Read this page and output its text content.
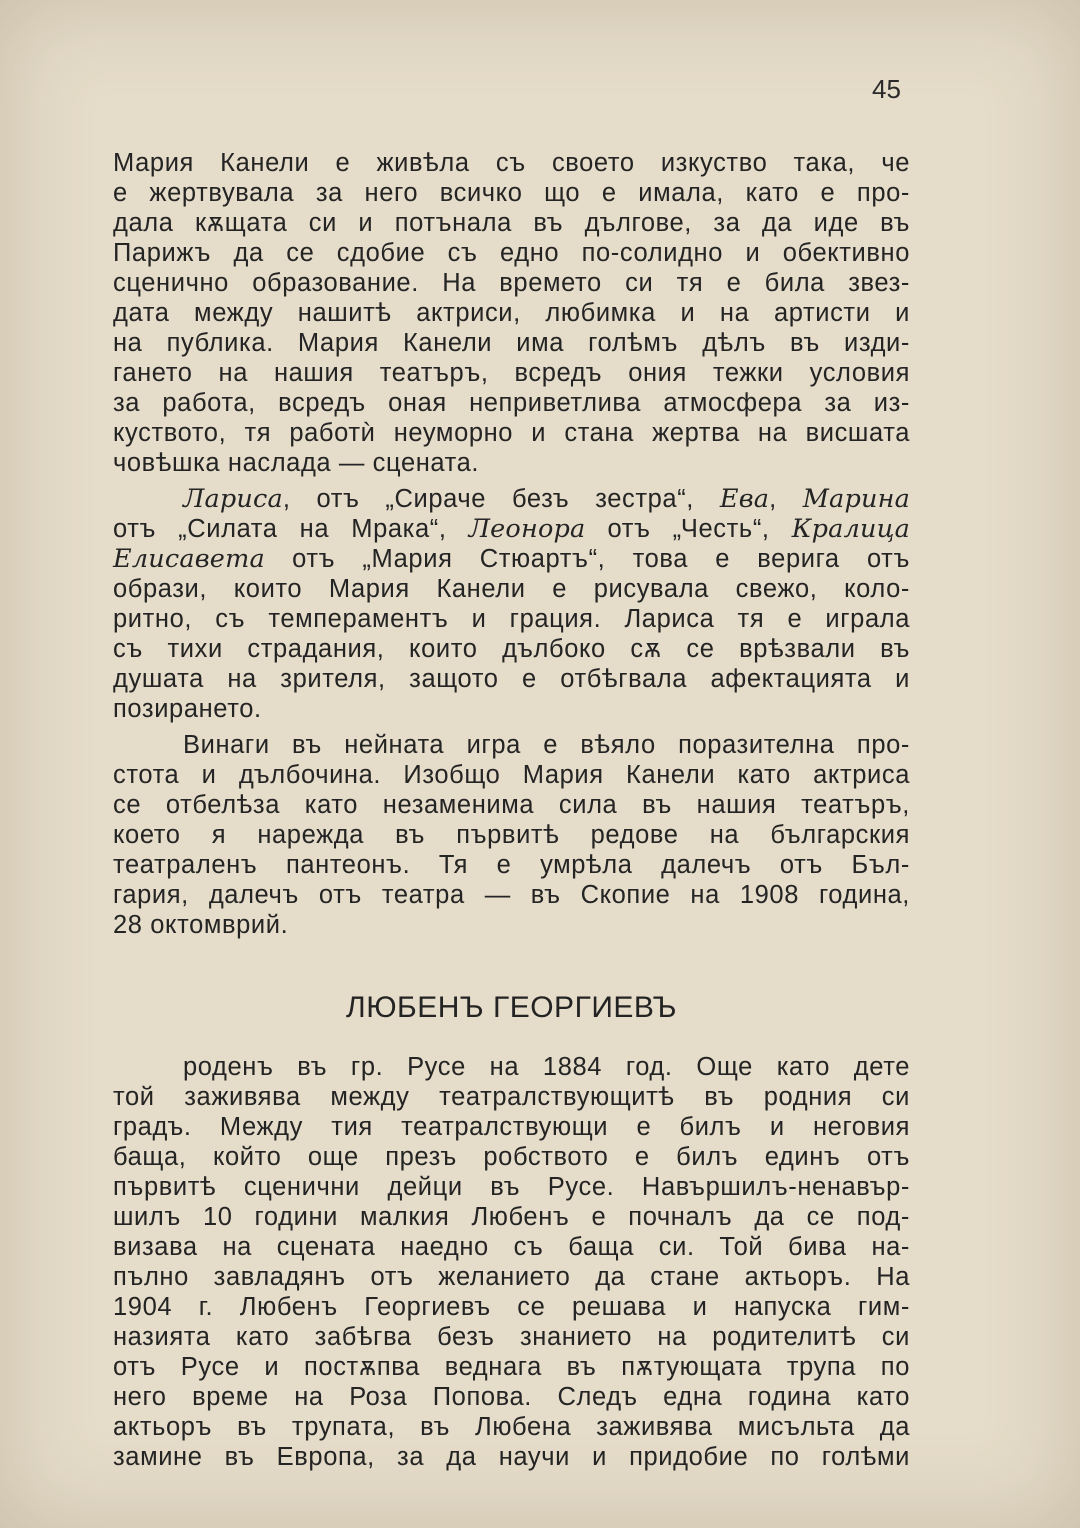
45

Мария Канели е живѣла съ своето изкуство така, че
е жертвувала за него всичко що е имала, като е про-
дала кѫщата си и потънала въ дългове, за да иде въ
Парижъ да се сдобие съ едно по-солидно и обективно
сценично образование. На времето си тя е била звез-
дата между нашитѣ актриси, любимка и на артисти и
на публика. Мария Канели има голѣмъ дѣлъ въ изди-
гането на нашия театъръ, всредъ ония тежки условия
за работа, всредъ оная неприветлива атмосфера за из-
куството, тя работѝ неуморно и стана жертва на висшата
човѣшка наслада — сцената.

Лариса, отъ „Сираче безъ зестра“, Ева, Марина
отъ „Силата на Мрака“, Леонора отъ „Честь“, Кралица
Елисавета отъ „Мария Стюартъ“, това е верига отъ
образи, които Мария Канели е рисувала свежо, коло-
ритно, съ темпераментъ и грация. Лариса тя е играла
съ тихи страдания, които дълбоко сѫ се врѣзвали въ
душата на зрителя, защото е отбѣгвала афектацията и
позирането.

Винаги въ нейната игра е вѣяло поразителна про-
стота и дълбочина. Изобщо Мария Канели като актриса
се отбелѣза като незаменима сила въ нашия театъръ,
което я нарежда въ първитѣ редове на българския
театраленъ пантеонъ. Тя е умрѣла далечъ отъ Бъл-
гария, далечъ отъ театра — въ Скопие на 1908 година,
28 октомврий.

ЛЮБЕНЪ ГЕОРГИЕВЪ

роденъ въ гр. Русе на 1884 год. Още като дете
той заживява между театралствующитѣ въ родния си
градъ. Между тия театралствующи е билъ и неговия
баща, който още презъ робството е билъ единъ отъ
първитѣ сценични дейци въ Русе. Навършилъ-ненавър-
шилъ 10 години малкия Любенъ е почналъ да се под-
визава на сцената наедно съ баща си. Той бива на-
пълно завладянъ отъ желанието да стане актьоръ. На
1904 г. Любенъ Георгиевъ се решава и напуска гим-
назията като забѣгва безъ знанието на родителитѣ си
отъ Русе и постѫпва веднага въ пѫтующата трупа по
него време на Роза Попова. Следъ една година като
актьоръ въ трупата, въ Любена заживява мисъльта да
замине въ Европа, за да научи и придобие по голѣми
